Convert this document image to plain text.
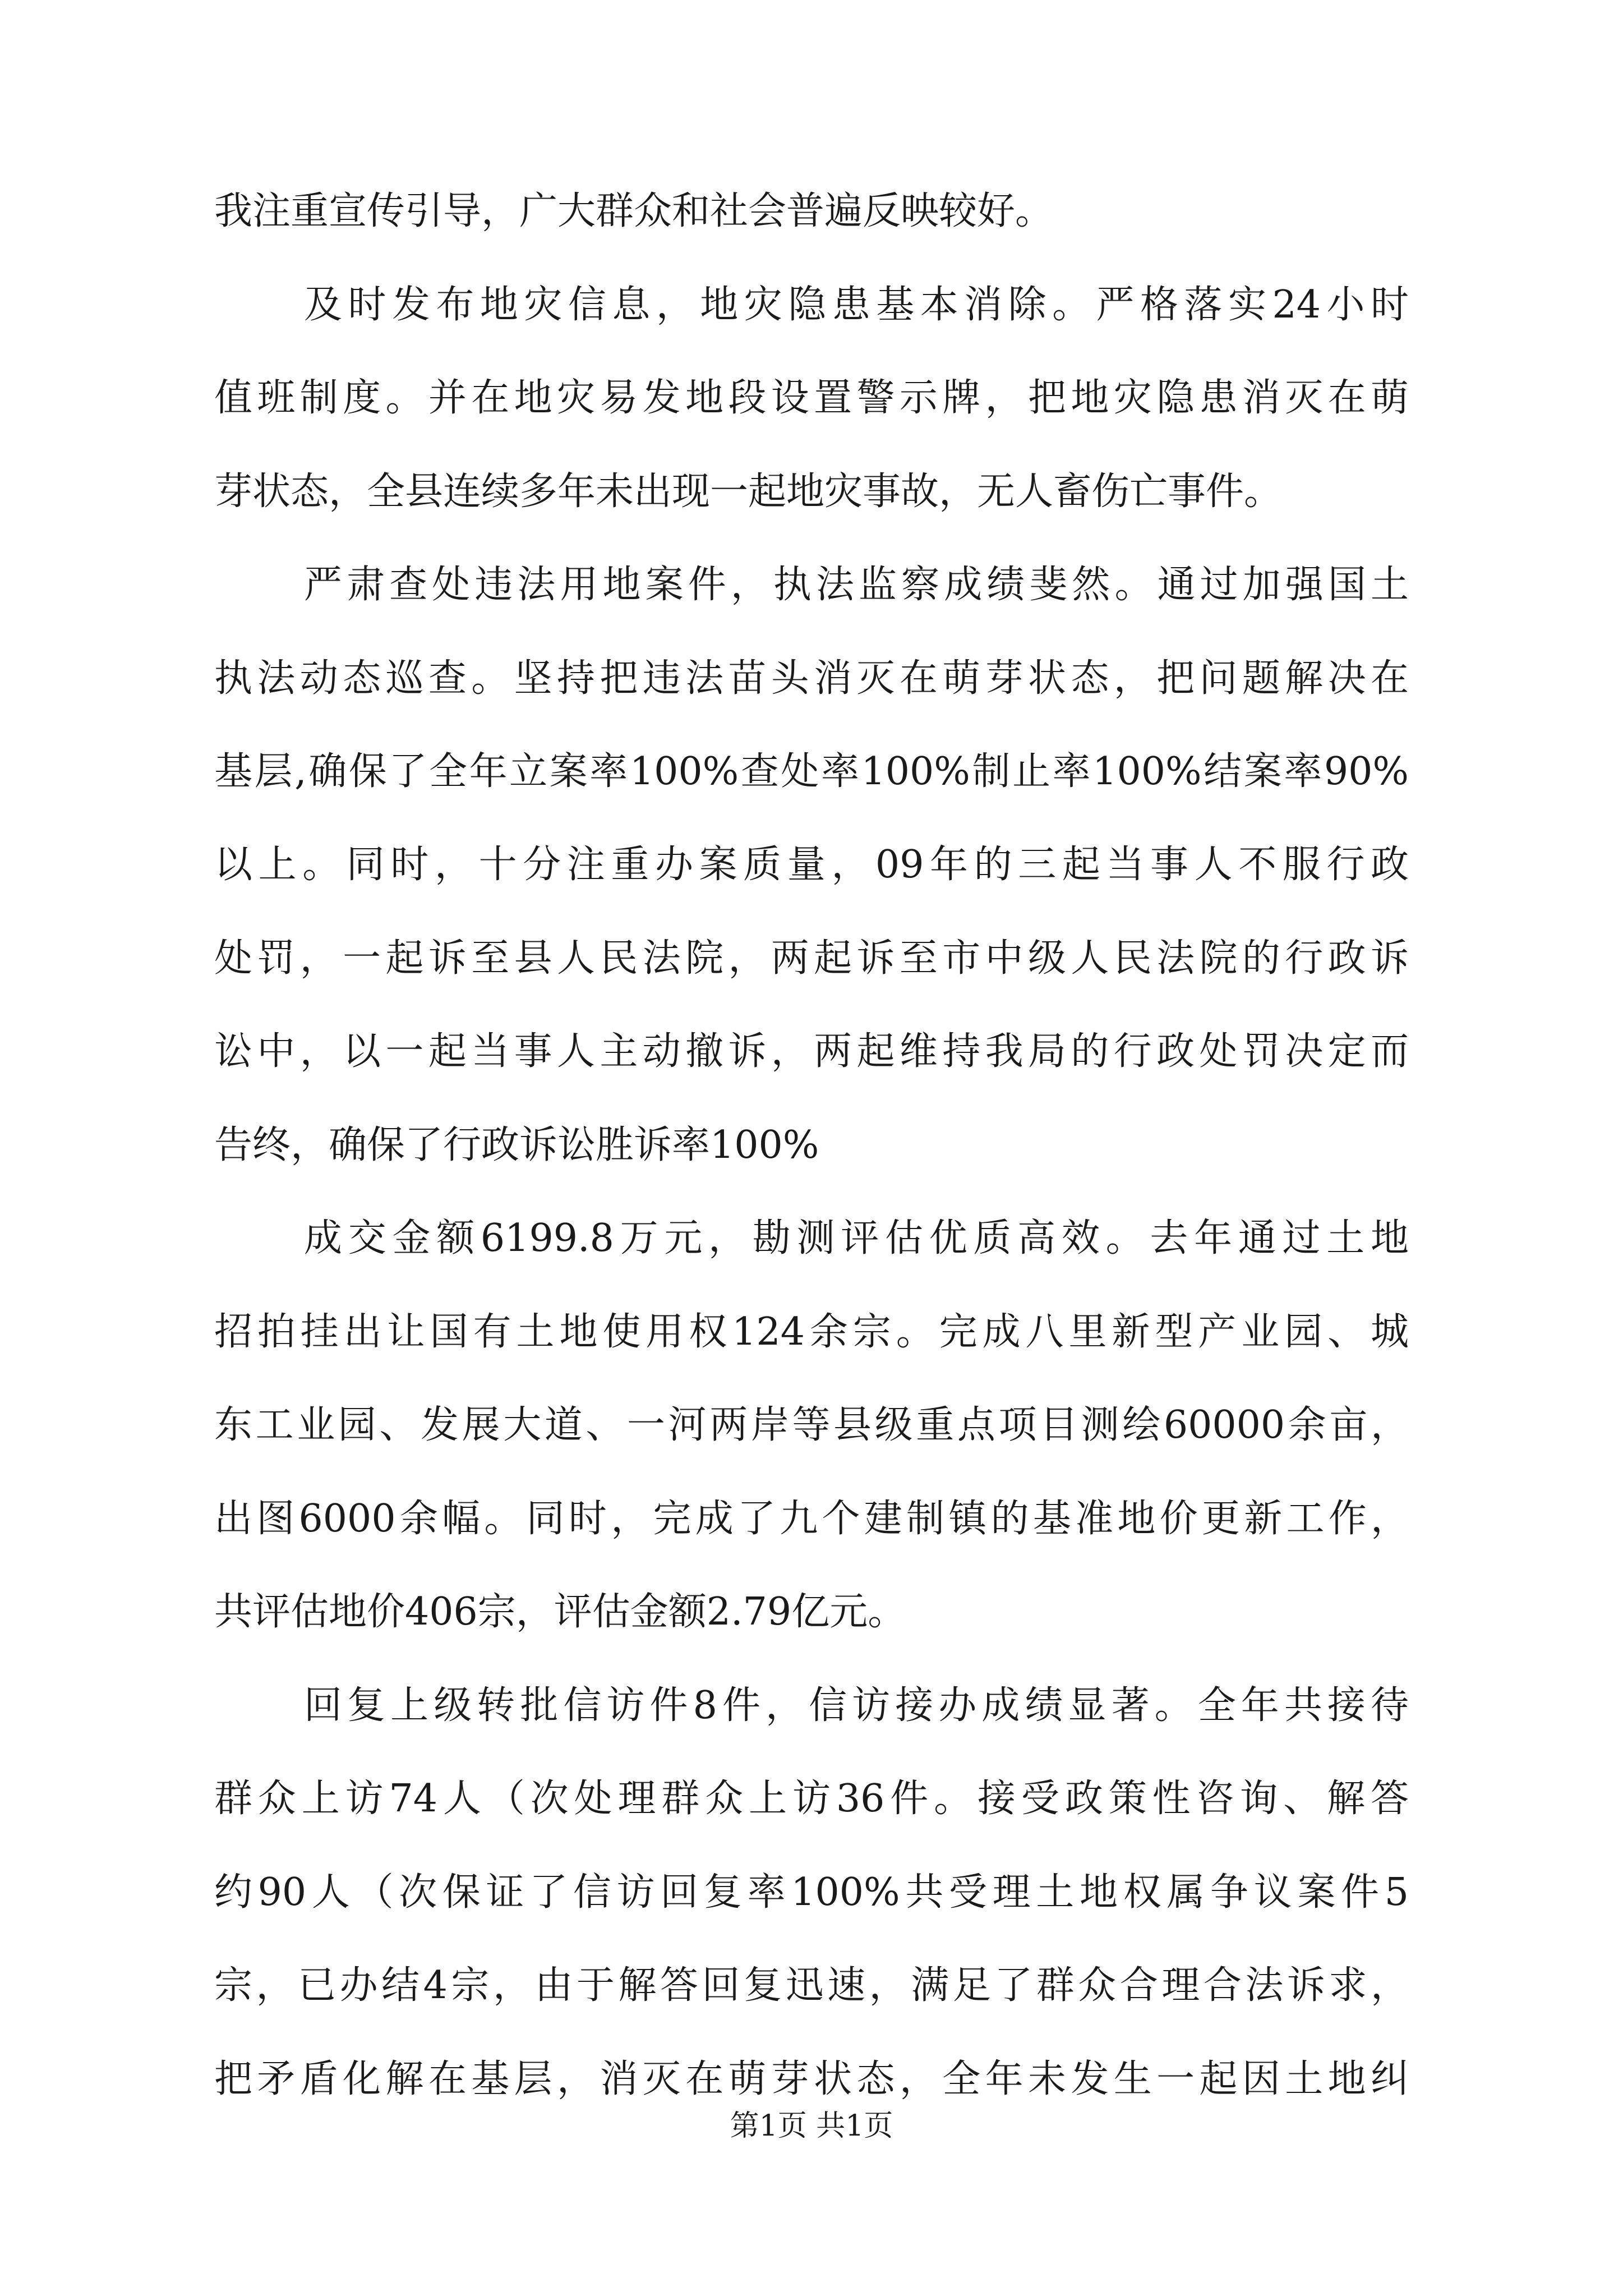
我注重宣传引导，广大群众和社会普遍反映较好。
及时发布地灾信息，地灾隐患基本消除。严格落实24小时
值班制度。并在地灾易发地段设置警示牌，把地灾隐患消灭在萌
芽状态，全县连续多年未出现一起地灾事故，无人畜伤亡事件。
严肃查处违法用地案件，执法监察成绩斐然。通过加强国土
执法动态巡查。坚持把违法苗头消灭在萌芽状态，把问题解决在
基层,确保了全年立案率100%查处率100%制止率100%结案率90%
以上。同时，十分注重办案质量，09年的三起当事人不服行政
处罚，一起诉至县人民法院，两起诉至市中级人民法院的行政诉
讼中，以一起当事人主动撤诉，两起维持我局的行政处罚决定而
告终，确保了行政诉讼胜诉率100%
成交金额6199.8万元，勘测评估优质高效。去年通过土地
招拍挂出让国有土地使用权124余宗。完成八里新型产业园、城
东工业园、发展大道、一河两岸等县级重点项目测绘60000余亩，
出图6000余幅。同时，完成了九个建制镇的基准地价更新工作，
共评估地价406宗，评估金额2.79亿元。
回复上级转批信访件8件，信访接办成绩显著。全年共接待
群众上访74人（次处理群众上访36件。接受政策性咨询、解答
约90人（次保证了信访回复率100%共受理土地权属争议案件5
宗，已办结4宗，由于解答回复迅速，满足了群众合理合法诉求，
把矛盾化解在基层，消灭在萌芽状态，全年未发生一起因土地纠
第1页 共1页
